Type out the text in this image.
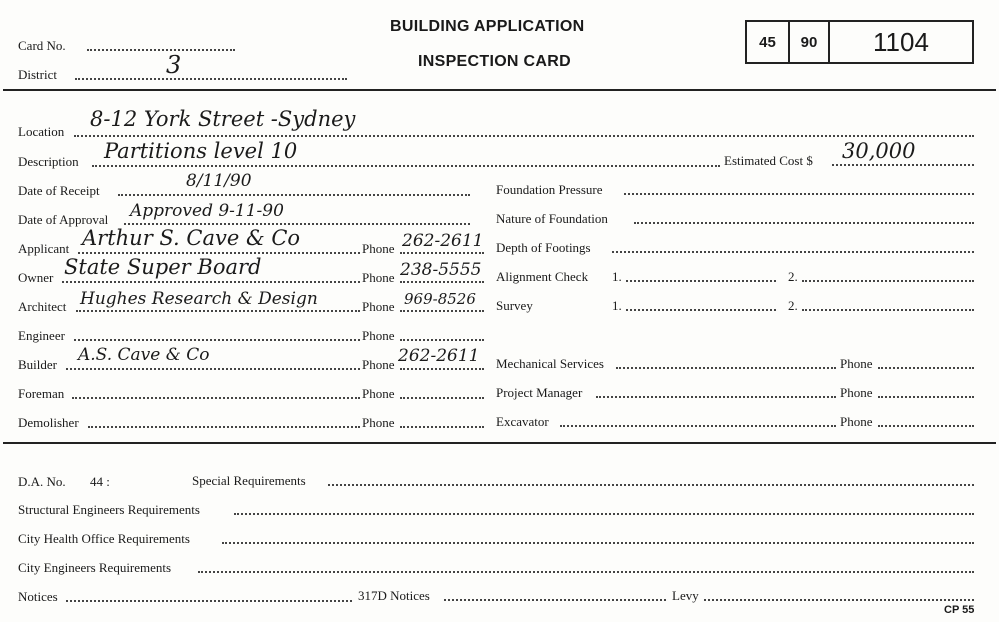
BUILDING APPLICATION
INSPECTION CARD
Card No.
District	3
45	90	1104
Location
8-12 York Street -Sydney
Description Partitions level 10	Estimated Cost $ 30,000
Date of Receipt	8/11/90
Date of Approval Approved 9-11-90
Applicant Arthur S. Cave & Co	Phone 262-2611
Owner State Super Board	Phone 238-5555
Architect Hughes Research & Design	Phone 969-8526
Engineer	Phone
Builder A.S. Cave & Co	Phone 262-2611
Foreman	Phone
Demolisher	Phone
Foundation Pressure
Nature of Foundation
Depth of Footings
Alignment Check 1.	2.
Survey	1.	2.
Mechanical Services	Phone
Project Manager	Phone
Excavator	Phone
D.A. No. 44 :	Special Requirements
Structural Engineers Requirements
City Health Office Requirements
City Engineers Requirements
Notices	317D Notices	Levy
CP 55
